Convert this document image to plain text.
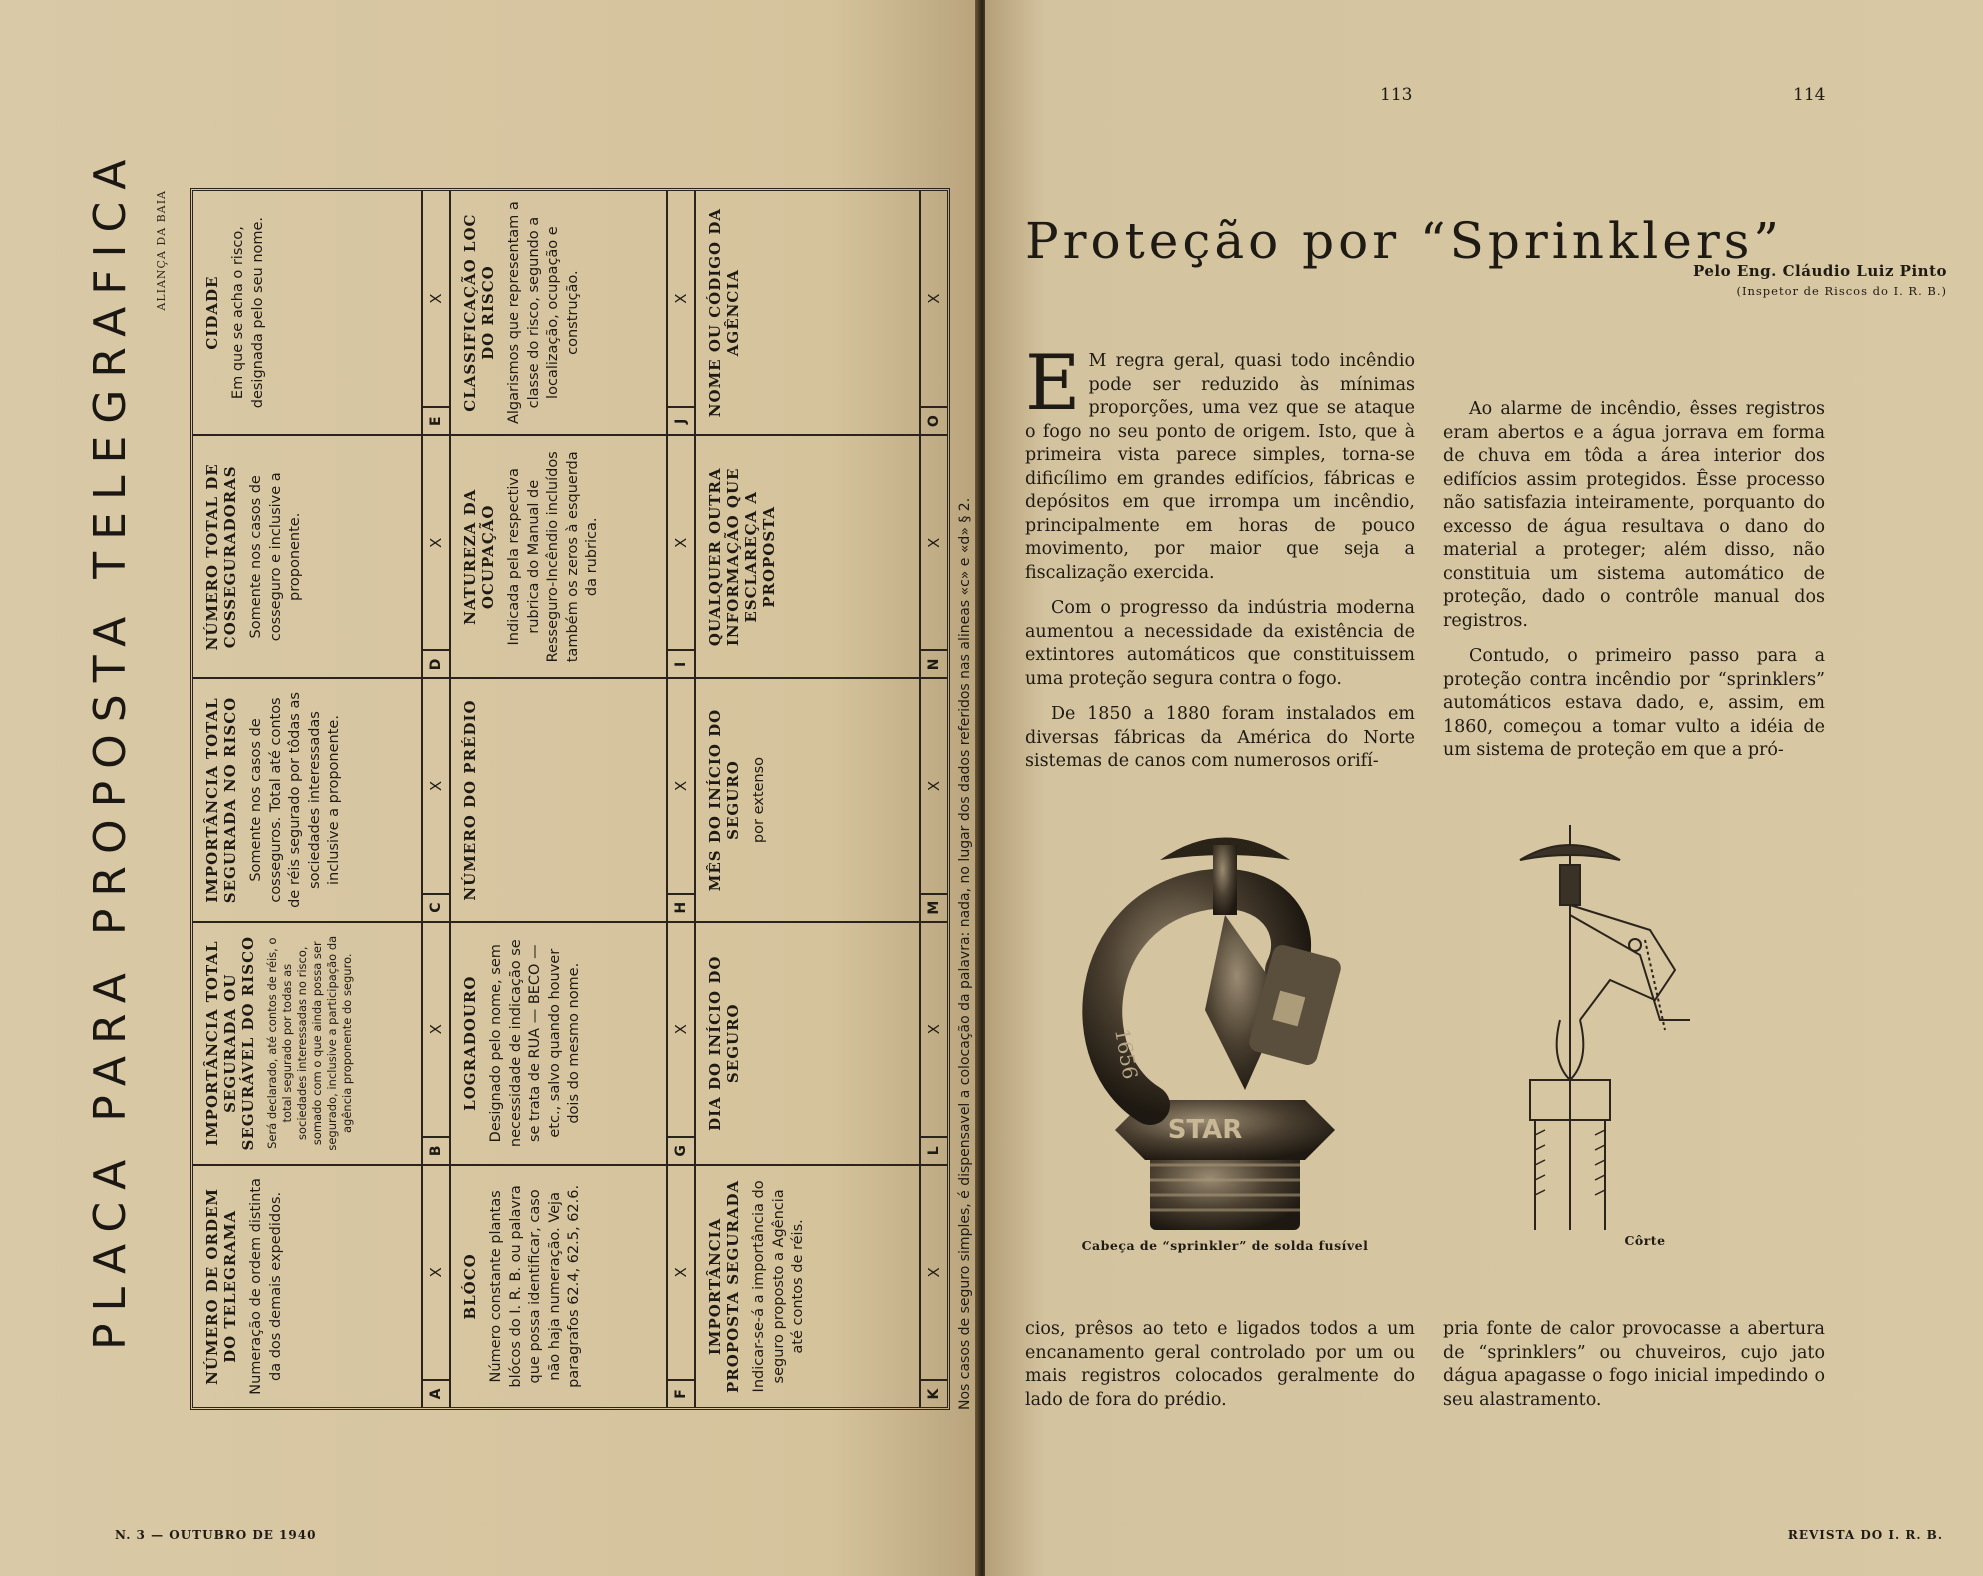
PLACA PARA PROPOSTA TELEGRAFICA ALIANÇA DA BAIA
NÚMERO DE ORDEM DO TELEGRAMA Numeração de ordem distinta da dos demais expedidos.
A
X
IMPORTÂNCIA TOTAL SEGURADA OU SEGURÁVEL DO RISCO Será declarado, até contos de réis, o total segurado por todas as sociedades interessadas no risco, somado com o que ainda possa ser segurado, inclusive a participação da agência proponente do seguro.
B
X
IMPORTÂNCIA TOTAL SEGURADA NO RISCO Somente nos casos de cosseguros. Total até contos de réis segurado por tôdas as sociedades interessadas inclusive a proponente.
C
X
NÚMERO TOTAL DE COSSEGURADORAS Somente nos casos de cosseguro e inclusive a proponente.
D
X
CIDADE Em que se acha o risco, designada pelo seu nome.
E
X
BLÓCO Número constante plantas blócos do I. R. B. ou palavra que possa identificar, caso não haja numeração. Veja paragrafos 62.4, 62.5, 62.6.
F
X
LOGRADOURO Designado pelo nome, sem necessidade de indicação se se trata de RUA — BECO — etc., salvo quando houver dois do mesmo nome.
G
X
NÚMERO DO PRÉDIO
H
X
NATUREZA DA OCUPAÇÃO Indicada pela respectiva rubrica do Manual de Resseguro-Incêndio incluídos também os zeros à esquerda da rubrica.
I
X
CLASSIFICAÇÃO LOC DO RISCO Algarismos que representam a classe do risco, segundo a localização, ocupação e construção.
J
X
IMPORTÂNCIA PROPOSTA SEGURADA Indicar-se-á a importância do seguro proposto a Agência até contos de réis.
K
X
DIA DO INÍCIO DO SEGURO
L
X
MÊS DO INÍCIO DO SEGURO por extenso
M
X
QUALQUER OUTRA INFORMAÇÃO QUE ESCLAREÇA A PROPOSTA
N
X
NOME OU CÓDIGO DA AGÊNCIA
O
X
Nos casos de seguro simples, é dispensavel a colocação da palavra: nada, no lugar dos dados referidos nas alineas «c» e «d» § 2.
N. 3 — OUTUBRO DE 1940
113	114
Proteção por “Sprinklers”
Pelo Eng. Cláudio Luiz Pinto
(Inspetor de Riscos do I. R. B.)

E M regra geral, quasi todo incêndio pode ser reduzido às mínimas proporções, uma vez que se ataque o fogo no seu ponto de origem. Isto, que à primeira vista parece simples, torna-se dificílimo em grandes edifícios, fábricas e depósitos em que irrompa um incêndio, principalmente em horas de pouco movimento, por maior que seja a fiscalização exercida.

Com o progresso da indústria moderna aumentou a necessidade da existência de extintores automáticos que constituissem uma proteção segura contra o fogo.

De 1850 a 1880 foram instalados em diversas fábricas da América do Norte sistemas de canos com numerosos orifí-

Ao alarme de incêndio, êsses registros eram abertos e a água jorrava em forma de chuva em tôda a área interior dos edifícios assim protegidos. Êsse processo não satisfazia inteiramente, porquanto do excesso de água resultava o dano do material a proteger; além disso, não constituia um sistema automático de proteção, dado o contrôle manual dos registros.

Contudo, o primeiro passo para a proteção contra incêndio por “sprinklers” automáticos estava dado, e, assim, em 1860, começou a tomar vulto a idéia de um sistema de proteção em que a pró-

STAR
1656
Cabeça de “sprinkler” de solda fusível	Côrte

cios, prêsos ao teto e ligados todos a um encanamento geral controlado por um ou mais registros colocados geralmente do lado de fora do prédio.

pria fonte de calor provocasse a abertura de “sprinklers” ou chuveiros, cujo jato dágua apagasse o fogo inicial impedindo o seu alastramento.

REVISTA DO I. R. B.
